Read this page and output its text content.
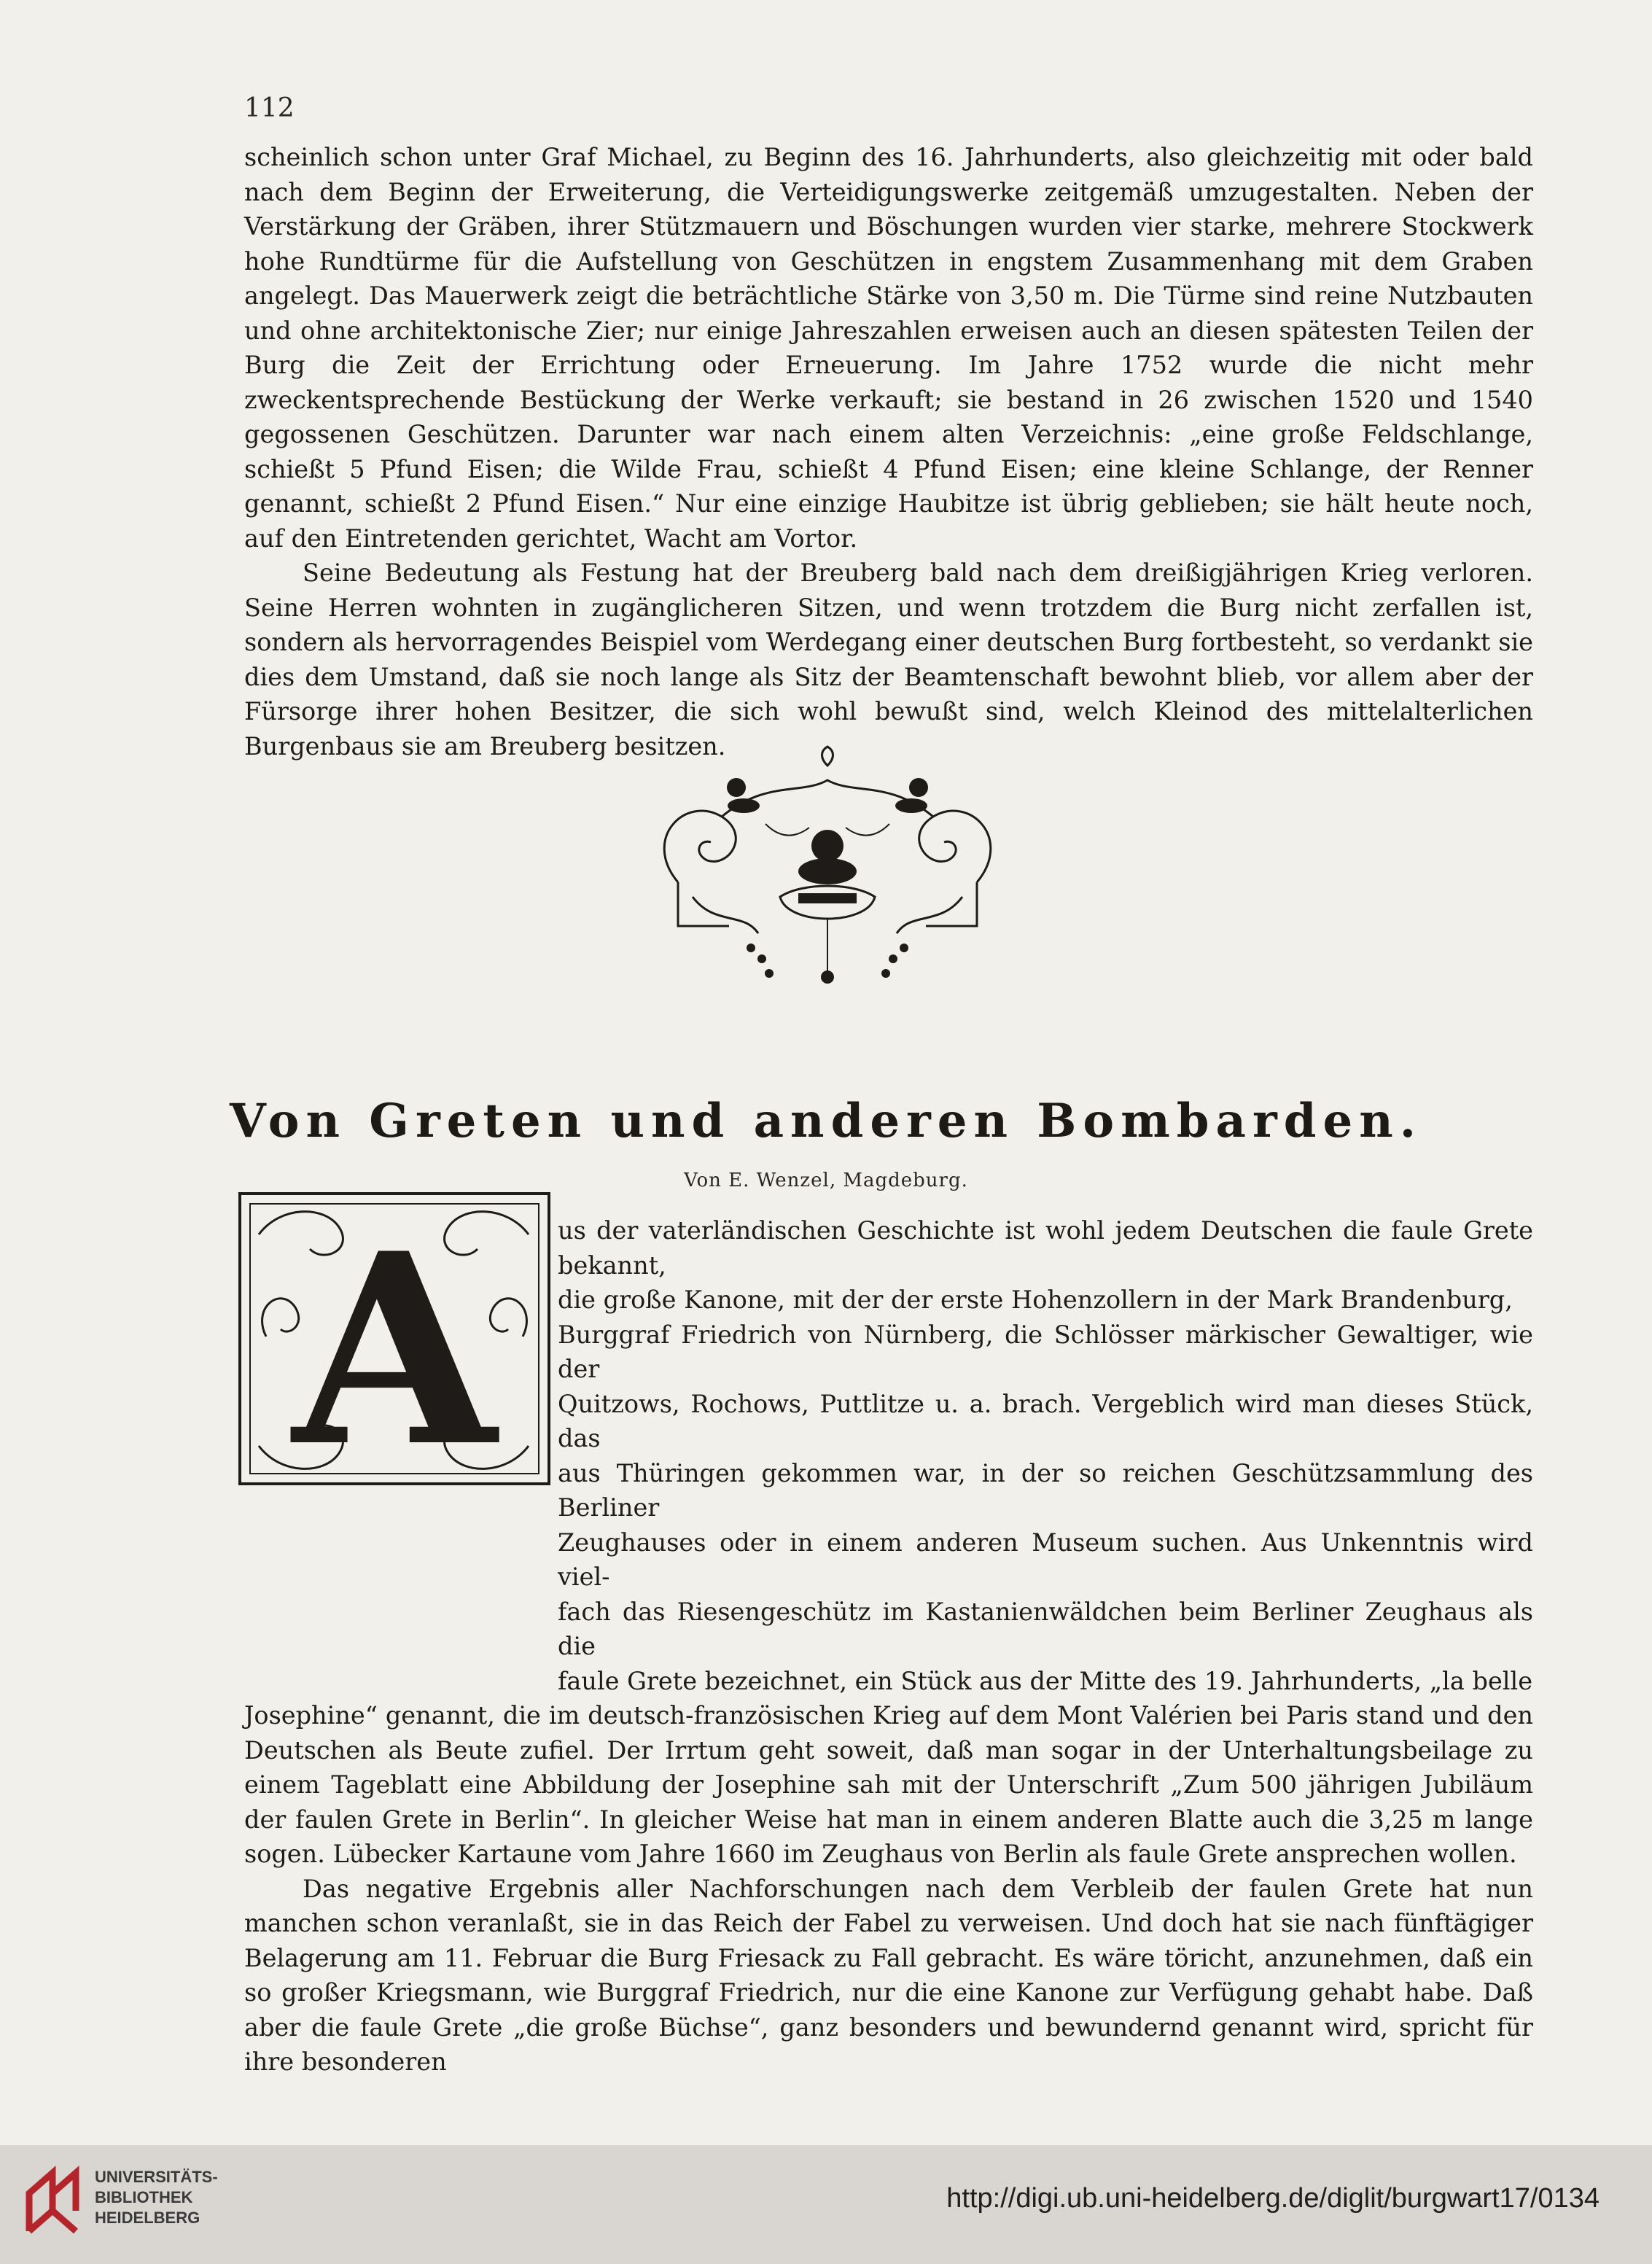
112

scheinlich schon unter Graf Michael, zu Beginn des 16. Jahrhunderts, also gleichzeitig mit oder bald nach dem Beginn der Erweiterung, die Verteidigungswerke zeitgemäß umzugestalten. Neben der Verstärkung der Gräben, ihrer Stützmauern und Böschungen wurden vier starke, mehrere Stockwerk hohe Rundtürme für die Aufstellung von Geschützen in engstem Zusammenhang mit dem Graben angelegt. Das Mauerwerk zeigt die beträchtliche Stärke von 3,50 m. Die Türme sind reine Nutzbauten und ohne architektonische Zier; nur einige Jahreszahlen erweisen auch an diesen spätesten Teilen der Burg die Zeit der Errichtung oder Erneuerung. Im Jahre 1752 wurde die nicht mehr zweckentsprechende Bestückung der Werke verkauft; sie bestand in 26 zwischen 1520 und 1540 gegossenen Geschützen. Darunter war nach einem alten Verzeichnis: „eine große Feldschlange, schießt 5 Pfund Eisen; die Wilde Frau, schießt 4 Pfund Eisen; eine kleine Schlange, der Renner genannt, schießt 2 Pfund Eisen.“ Nur eine einzige Haubitze ist übrig geblieben; sie hält heute noch, auf den Eintretenden gerichtet, Wacht am Vortor.

Seine Bedeutung als Festung hat der Breuberg bald nach dem dreißigjährigen Krieg verloren. Seine Herren wohnten in zugänglicheren Sitzen, und wenn trotzdem die Burg nicht zerfallen ist, sondern als hervorragendes Beispiel vom Werdegang einer deutschen Burg fortbesteht, so verdankt sie dies dem Umstand, daß sie noch lange als Sitz der Beamtenschaft bewohnt blieb, vor allem aber der Fürsorge ihrer hohen Besitzer, die sich wohl bewußt sind, welch Kleinod des mittelalterlichen Burgenbaus sie am Breuberg besitzen.

Von Greten und anderen Bombarden.
Von E. Wenzel, Magdeburg.
A	us der vaterländischen Geschichte ist wohl jedem Deutschen die faule Grete bekannt,
die große Kanone, mit der der erste Hohenzollern in der Mark Brandenburg,
Burggraf Friedrich von Nürnberg, die Schlösser märkischer Gewaltiger, wie der
Quitzows, Rochows, Puttlitze u. a. brach. Vergeblich wird man dieses Stück, das
aus Thüringen gekommen war, in der so reichen Geschützsammlung des Berliner
Zeughauses oder in einem anderen Museum suchen. Aus Unkenntnis wird viel-
fach das Riesengeschütz im Kastanienwäldchen beim Berliner Zeughaus als die
faule Grete bezeichnet, ein Stück aus der Mitte des 19. Jahrhunderts, „la belle

Josephine“ genannt, die im deutsch-französischen Krieg auf dem Mont Valérien bei Paris stand und den Deutschen als Beute zufiel. Der Irrtum geht soweit, daß man sogar in der Unterhaltungsbeilage zu einem Tageblatt eine Abbildung der Josephine sah mit der Unterschrift „Zum 500 jährigen Jubiläum der faulen Grete in Berlin“. In gleicher Weise hat man in einem anderen Blatte auch die 3,25 m lange sogen. Lübecker Kartaune vom Jahre 1660 im Zeughaus von Berlin als faule Grete ansprechen wollen.

Das negative Ergebnis aller Nachforschungen nach dem Verbleib der faulen Grete hat nun manchen schon veranlaßt, sie in das Reich der Fabel zu verweisen. Und doch hat sie nach fünftägiger Belagerung am 11. Februar die Burg Friesack zu Fall gebracht. Es wäre töricht, anzunehmen, daß ein so großer Kriegsmann, wie Burggraf Friedrich, nur die eine Kanone zur Verfügung gehabt habe. Daß aber die faule Grete „die große Büchse“, ganz besonders und bewundernd genannt wird, spricht für ihre besonderen

UNIVERSITÄTS-
BIBLIOTHEK
HEIDELBERG
http://digi.ub.uni-heidelberg.de/diglit/burgwart17/0134
